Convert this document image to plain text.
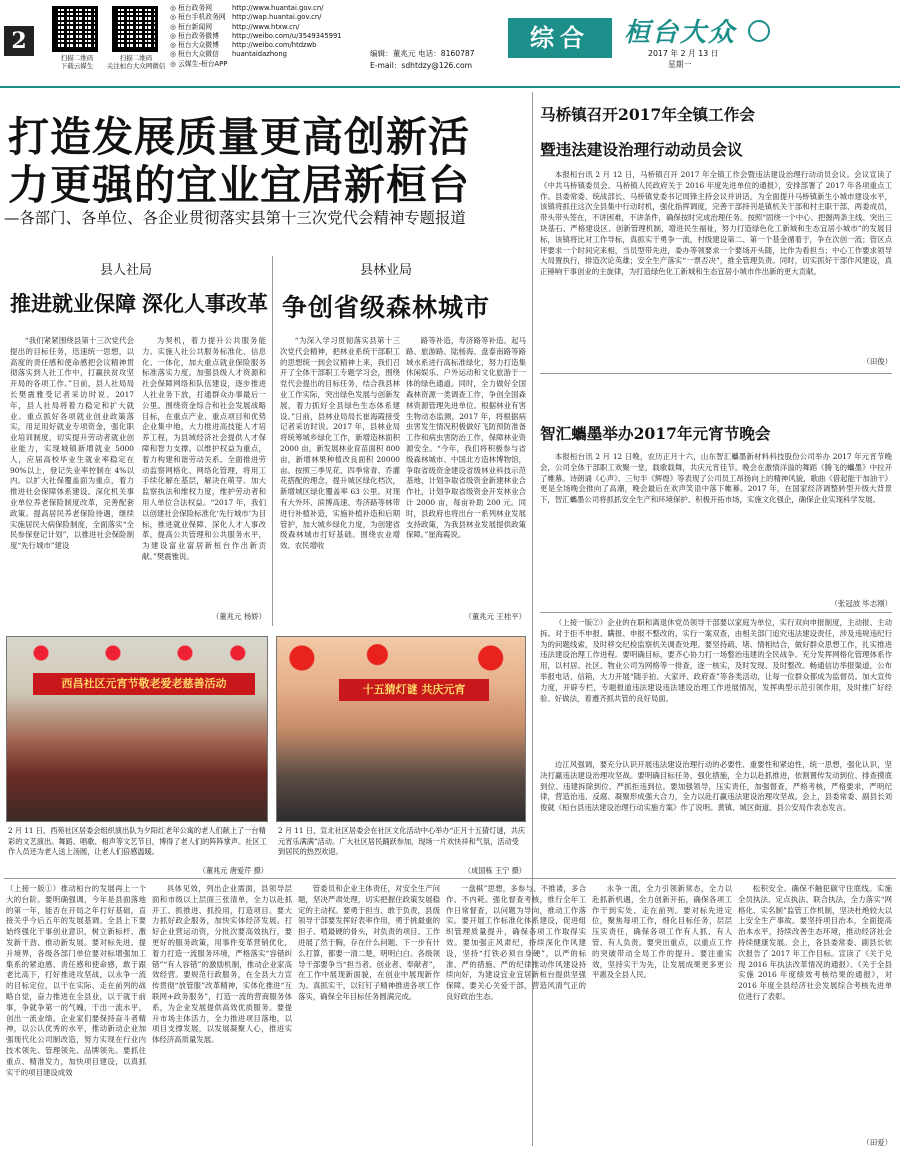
2
扫描二维码
下载云媒生
扫描二维码
关注桓台大众网微信
◎ 桓台政务网	http://www.huantai.gov.cn/
◎ 桓台手机政务网 http://wap.huantai.gov.cn/
◎ 桓台新闻网	http://www.htxw.cn/
◎ 桓台政务微博 http://weibo.com/u/3549345991
◎ 桓台大众微博 http://weibo.com/htdzwb
◎ 桓台大众微信 huantaidazhong
◎ 云媒生-桓台APP
编辑：董兆元 电话：8160787
E-mail：sdhtdzy@126.com
综合	桓台大众
2017 年 2 月 13 日
星期一
打造发展质量更高创新活
力更强的宜业宜居新桓台
—各部门、各单位、各企业贯彻落实县第十三次党代会精神专题报道
县人社局
推进就业保障 深化人事改革

“我们紧紧围绕县第十三次党代会提出的目标任务，迅速统一思想，以高度的责任感和使命感把会议精神贯彻落实到人社工作中，打赢扶贫攻坚开局的各项工作。”日前，县人社局局长樊震雅受记者采访时说。2017 年，县人社局将着力稳定和扩大就业。重点抓好各项就业创业政策落实，用足用好就业专项资金，强化职业培训制度，切实提升劳动者就业创业能力，实现城镇新增就业 5000 人，应届高校毕业生就业率稳定在 90%以上，登记失业率控制在 4%以内。以扩大社保覆盖面为重点，着力推进社会保障体系建设。深化机关事业单位养老保险制度改革，完善配套政策。提高居民养老保险待遇，继续实施居民大病保险制度，全面落实“全民参保登记计划”，以推进社会保险制度“先行城市”建设

为契机，着力提升公共服务能力。实施人社公共服务标准化、信息化、一体化，加大重点就业保险服务标准落实力度。加强县级人才资源和社会保障网络和队伍建设，逐步推进人社业务下放，打通群众办事最后一公里。围绕资金综合和社会发展战略目标，在重点产业、重点项目和优势企业集中地，大力推进高技能人才培养工程，为县域经济社会提供人才保障和智力支撑。以维护权益为重点，着力构建和谐劳动关系。全面推进劳动监察网格化、网络化管理，将用工手续化解在基层，解决在萌芽。加大监察执法和维权力度，维护劳动者和用人单位合法权益。“2017 年，我们以创建社会保险标准化‘先行城市’为目标，推进就业保障、深化人才人事改革，提高公共管理和公共服务水平，为建设富业富居新桓台作出新贡献。”樊震雅说。

（董兆元 杨娇）
县林业局
争创省级森林城市

“为深入学习贯彻落实县第十三次党代会精神，把林业系统干部职工的思想统一到会议精神上来，我们召开了全体干部职工专题学习会，围绕党代会提出的目标任务，结合我县林业工作实际，突出绿色发展与创新发展，着力抓好全县绿色生态体系建设。”日前，县林业局局长崔海霞接受记者采访时说。2017 年，县林业局将统筹城乡绿化工作，新增造林面积 2000 亩，新发展林业育苗面积 800 亩，新增林果种植改良面积 20000 亩。按照三季见花、四季常青、乔灌花搭配的理念，提升城区绿化档次，新增城区绿化覆盖率 63 公里。对现有大外环、滨博高速、寿济路等林带进行补植补造，实施补植补造和后期管护，加大城乡绿化力度，为创建省级森林城市打好基础。围绕农业增效、农民增收

路等补造，寿济路等补造。起马路、旅游路、陆杨海、盘泰南路等路域水系进行高标准绿化，努力打造集休闲娱乐、户外运动和文化旅游于一体的绿色通道。同时，全力做好全国森林资源一类调查工作，争创全国森林资源管理先进单位。根据林业有害生物动态监测，2017 年，将根据病虫害发生情况积极做好飞防预防准备工作和病虫害防治工作，保障林业资源安全。“今年，我们将积极参与省级森林城市、中国北方造林博物馆，争取省级资金建设省级林业科技示范基地，计划争取省级资金新建林业合作社，计划争取省级资金开发林业合计 2000 亩，每亩补助 200 元。同时，县政府也将出台一系列林业发展支持政策，为我县林业发展提供政策保障。”崔海霞说。

（董兆元 王桂平）
西昌社区元宵节敬老爱老慈善活动	十五猜灯谜 共庆元宵
2 月 11 日，西苑社区居委会组织演出队为夕阳红老年公寓的老人们献上了一台精彩的文艺演出。舞蹈、唱歌、相声等文艺节目，博得了老人们的阵阵掌声。社区工作人员还为老人送上汤圆，让老人们倍感温暖。
（董兆元 唐爱芹 摄）
2 月 11 日，宣北社区居委会在社区文化活动中心举办“正月十五猜灯谜，共庆元宵乐满满”活动。广大社区居民踊跃参加，现场一片欢快祥和气氛，活动受到居民的热烈欢迎。
（成国栋 王宁 摄）
马桥镇召开2017年全镇工作会
暨违法建设治理行动动员会议

本报桓台讯 2 月 12 日，马桥镇召开 2017 年全镇工作会暨违法建设治理行动动员会议。会议宣读了《中共马桥镇委员会、马桥镇人民政府关于 2016 年度先进单位的通报》，安排部署了 2017 年各项重点工作。县委常委、统战部长、马桥镇党委书记周锋主持会议并讲话。为全面提升马桥镇新生小城市建设水平，该镇将抓住这次全县集中行动时机，强化指挥调度，完善干部持刊是镇机关干部和村主职干部、两委成员，带头带头签在，不讲困难，不讲条件，确保按时完成治理任务。按照“固绕一个中心、把握两条主线、突出三块基石、严格建设区、创新管理机制，增进民生福祉，努力打造绿色化工新城和生态宜居小城市”的发展目标，该镇将比对工作导标，真抓实干勇争一流，村级建设第二、第一个基金循着于，争在次创一流；管区点评要求一个时间完来相，当员型带先进，委办等领要求一个要场开头随，比作为看担当；中心工作要求领导大局置执行，排造次论英雄；安全生产落实“一票否决”，推全管理负责。同时，切实抓好干部作风建设，真正锤响干事创业的主旋律，为打造绿色化工新城和生态宜居小城市作出新的更大贡献。

（田俊）
智汇蠵墨举办2017年元宵节晚会

本报桓台讯 2 月 12 日晚，农历正月十六，山东智汇蠵墨新材料科技股份公司举办 2017 年元宵节晚会，公司全体干部职工欢聚一堂，载歌载舞，共庆元宵佳节。晚会在激情洋溢的舞蹈《腾飞的蠵墨》中拉开了帷幕。诗朗诵《心声》、三句半《辉煌》等表现了公司员工昂扬向上的精神风貌，歌曲《借起能干加油干》更是全场晚会推向了高潮，晚会最后在欢声笑语中落下帷幕。2017 年，在国家经济调整转型升级大背景下，智汇蠵墨公司将抓抓安全生产和环境保护、积极开拓市场，实施文化强企，确保企业实现科学发展。

（张冠波 毕志刚）

（上接一版②）企业的在职和离退休党员领导干部要以家庭为单位，实行双向申报制度，主动报、主动拆。对于拒不申报、瞒报、申报不整改的，实行一案双查，由相关部门追究违法建设责任，涉及违规违纪行为的问题线索，及时移交纪检监察机关调查处理。要坚持疏、堵、情相结合，做好群众思想工作，扎实推进违法建设治理工作进程。要明确目标，要齐心协力打一场整治违建的全民战争。充分发挥网格化管理体系作用，以村居、社区、物业公司为网格等一排查，逐一核实，及时发现、及时整改。畅通信访举报渠道，公布举报电话、信箱，大力开展“随手拍、大家评、政府查”等各类活动，让每一位群众都成为监督员。加大宣传力度，开辟专栏，专题报道违法建设违法建设治理工作进展情况，发挥典型示范引领作用，及时推广好经验、好做法，着遵齐抓共管的良好局面。

边江风强调，要充分认识开展违法建设治理行动的必要性、重要性和紧迫性，统一思想，强化认识，坚决打赢违法建设治理攻坚战。要明确目标任务，强化措施，全力以赴抓推进，依割置传发动到位、排查摸底到位、违建拆除到位、严抓拒违到位。要加强领导，压实责任，加强督查，严格考核，严格要求，严明纪律，营造治违、反腐、凝聚形成强大合力，全力以赴打赢违法建设治理攻坚战。会上，县委常委、副县长刘俊就《桓台县违法建设治理行动实施方案》作了说明。黄镇、城区街道、县公安局作表态发言。

（上接一版①）推动桓台的发展再上一个大的台阶。要明确强调，今年是县面落地的第一年，能否在开局之年打好基础，直接关乎今后五年的发展基调。全县上下要始终强化干事创业意识，树立新标杆、激发新干劲、推动新发展。要对标先进、提升境界，各级各部门单位要对标增强加工集系的紧迫感、责任感和使命感，敢于跟老比高下，打好推进攻坚战，以永争一流的目标定位，以干在实际、走在前列的战略自觉，奋力推进在全县业，以干就干前事，争就争第一的气魄，干出一流水平，创出一流业绩。企业家们要保持奋斗者精神，以公认优秀的水平，推动新动企业加强现代化公司制改造，努力实现在行业内技术领先、管理领先、品牌领先。要抓住重点、精准发力，加快项目建设，以真抓实干的项目建设成效

具体见效，列出企业需面，县领导层面和市级以上层面三张清单，全力以赴抓开工、抓推进、抓投用，打造项目。要大力抓好政企服务，加快实体经济发展。打好企业营运动资，分批次要高效执行，要更好的服务政策，用事件变革营销优化，着力打造一流服务环境，严格落实“容错纠错”“有人容错”的激励机制，推动企业家高效经营。要规范行政服务，在全县大力宣传贯彻“放管服”改革精神，实体化推进“互联网+政务服务”，打造一流的营商服务体系，为企业发展提供高效优质服务。要提升市场主体活力，全力推进项目落地，以项目支撑发展，以发展凝聚人心，推进实体经济高质量发展。

管委员和企业主体责任，对安全生产问题，坚决严肃处理，切实把握住政策发展稳定的主动权。要勇于担当、敢于负责，县级领导干部要发挥好表率作用，勇于挑最重的担子、啃最硬的骨头，对负责的项目、工作进展了然于胸，存在什么问题、下一步有什么打算，都要一清二楚，明明白白。各级领导干部要争当“担当者、创业者、奉献者”，在工作中展现新面貌，在创业中展现新作为。真抓实干，以钉钉子精神推进各项工作落实，确保全年目标任务圆满完成。

一盘棋”思想，多参与、不推诿，多合作、不内耗。强化督查考核，推行全年工作日常督查，以问题为导向，推动工作落实。要开展工作标准化体系建设，促进组织管理质量提升，确保各项工作取得实效。要加强正风肃纪，持续深化作风建设，坚持“打铁必须自身硬”，以严的标准、严的措施、严的纪律推动作风建设持续向好，为建设宜业宜居新桓台提供坚强保障。要关心关爱干部，营造风清气正的良好政治生态。

永争一流，全力引领新常态，全力以赴抓新机遇，全力创新开拓，确保各项工作干到实处、走在前列。要对标先进定位，聚焦每项工作，细化目标任务，层层压实责任，确保各项工作有人抓、有人管、有人负责。要突出重点，以重点工作的突破带动全局工作的提升。要注重实效，坚持实干为先，让发展成果更多更公平惠及全县人民。

松积安全、确保不触犯碳守住底线。实施全员执法、定点执法、联合执法，全力落实“网格化、实名制”监管工作机制，坚决杜绝较大以上安全生产事故。要坚持项目治本，全面提高治本水平，持续改善生态环境，推动经济社会持续健康发展。会上，各县委常委、副县长依次报告了 2017 年工作目标。宣读了《关于兑现 2016 年执法改革情况的通报》、《关于全县实施 2016 年度绩效考核结果的通报》，对 2016 年度全县经济社会发展综合考核先进单位进行了表彰。

（田爱）
